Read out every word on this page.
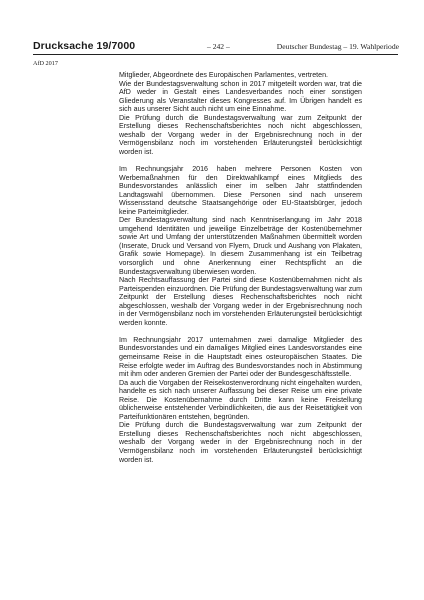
Drucksache 19/7000	– 242 –	Deutscher Bundestag – 19. Wahlperiode
AfD 2017

Mitglieder, Abgeordnete des Europäischen Parlamentes, vertreten.

Wie der Bundestagsverwaltung schon in 2017 mitgeteilt worden war, trat die AfD weder in Gestalt eines Landesverbandes noch einer sonstigen Gliederung als Veranstalter dieses Kongresses auf. Im Übrigen handelt es sich aus unserer Sicht auch nicht um eine Einnahme.

Die Prüfung durch die Bundestagsverwaltung war zum Zeitpunkt der Erstellung dieses Rechenschaftsberichtes noch nicht abgeschlossen, weshalb der Vorgang weder in der Ergebnisrechnung noch in der Vermögensbilanz noch im vorstehenden Erläuterungsteil berücksichtigt worden ist.

Im Rechnungsjahr 2016 haben mehrere Personen Kosten von Werbemaßnahmen für den Direktwahlkampf eines Mitglieds des Bundesvorstandes anlässlich einer im selben Jahr stattfindenden Landtagswahl übernommen. Diese Personen sind nach unserem Wissensstand deutsche Staatsangehörige oder EU-Staatsbürger, jedoch keine Parteimitglieder.

Der Bundestagsverwaltung sind nach Kenntniserlangung im Jahr 2018 umgehend Identitäten und jeweilige Einzelbeträge der Kostenübernehmer sowie Art und Umfang der unterstützenden Maßnahmen übermittelt worden (Inserate, Druck und Versand von Flyern, Druck und Aushang von Plakaten, Grafik sowie Homepage). In diesem Zusammenhang ist ein Teilbetrag vorsorglich und ohne Anerkennung einer Rechtspflicht an die Bundestagsverwaltung überwiesen worden.

Nach Rechtsauffassung der Partei sind diese Kostenübernahmen nicht als Parteispenden einzuordnen. Die Prüfung der Bundestagsverwaltung war zum Zeitpunkt der Erstellung dieses Rechenschaftsberichtes noch nicht abgeschlossen, weshalb der Vorgang weder in der Ergebnisrechnung noch in der Vermögensbilanz noch im vorstehenden Erläuterungsteil berücksichtigt werden konnte.

Im Rechnungsjahr 2017 unternahmen zwei damalige Mitglieder des Bundesvorstandes und ein damaliges Mitglied eines Landesvorstandes eine gemeinsame Reise in die Hauptstadt eines osteuropäischen Staates. Die Reise erfolgte weder im Auftrag des Bundesvorstandes noch in Abstimmung mit ihm oder anderen Gremien der Partei oder der Bundesgeschäftsstelle.

Da auch die Vorgaben der Reisekostenverordnung nicht eingehalten wurden, handelte es sich nach unserer Auffassung bei dieser Reise um eine private Reise. Die Kostenübernahme durch Dritte kann keine Freistellung üblicherweise entstehender Verbindlichkeiten, die aus der Reisetätigkeit von Parteifunktionären entstehen, begründen.

Die Prüfung durch die Bundestagsverwaltung war zum Zeitpunkt der Erstellung dieses Rechenschaftsberichtes noch nicht abgeschlossen, weshalb der Vorgang weder in der Ergebnisrechnung noch in der Vermögensbilanz noch im vorstehenden Erläuterungsteil berücksichtigt worden ist.
